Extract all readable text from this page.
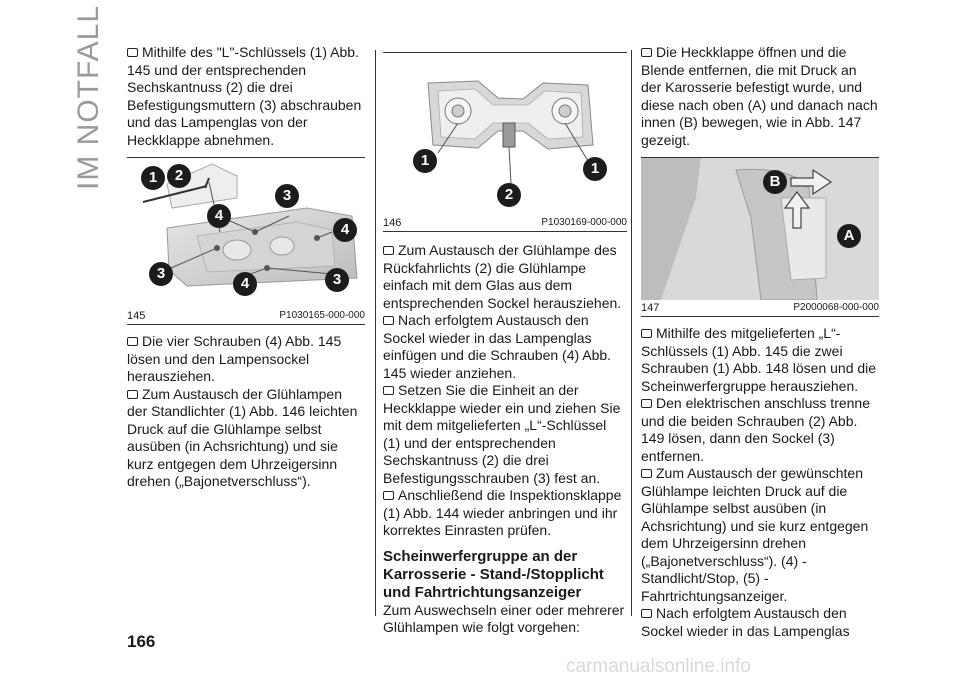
IM NOTFALL	Mithilfe des "L"-Schlüssels (1) Abb. 145 und der entsprechenden Sechskantnuss (2) die drei Befestigungsmuttern (3) abschrauben und das Lampenglas von der Heckklappe abnehmen.

1	2
3
4
4
3
4	3
145	P1030165-000-000

Die vier Schrauben (4) Abb. 145 lösen und den Lampensockel herausziehen.

Zum Austausch der Glühlampen der Standlichter (1) Abb. 146 leichten Druck auf die Glühlampe selbst ausüben (in Achsrichtung) und sie kurz entgegen dem Uhrzeigersinn drehen („Bajonetverschluss“).

1
2
1
146	P1030169-000-000

Zum Austausch der Glühlampe des Rückfahrlichts (2) die Glühlampe einfach mit dem Glas aus dem entsprechenden Sockel herausziehen.

Nach erfolgtem Austausch den Sockel wieder in das Lampenglas einfügen und die Schrauben (4) Abb. 145 wieder anziehen.

Setzen Sie die Einheit an der Heckklappe wieder ein und ziehen Sie mit dem mitgelieferten „L“-Schlüssel (1) und der entsprechenden Sechskantnuss (2) die drei Befestigungsschrauben (3) fest an.

Anschließend die Inspektionsklappe (1) Abb. 144 wieder anbringen und ihr korrektes Einrasten prüfen.

Scheinwerfergruppe an der Karrosserie - Stand-/Stopplicht und Fahrtrichtungsanzeiger

Zum Auswechseln einer oder mehrerer Glühlampen wie folgt vorgehen:

Die Heckklappe öffnen und die Blende entfernen, die mit Druck an der Karosserie befestigt wurde, und diese nach oben (A) und danach nach innen (B) bewegen, wie in Abb. 147 gezeigt.

B
A
147	P2000068-000-000

Mithilfe des mitgelieferten „L“-Schlüssels (1) Abb. 145 die zwei Schrauben (1) Abb. 148 lösen und die Scheinwerfergruppe herausziehen.

Den elektrischen anschluss trenne und die beiden Schrauben (2) Abb. 149 lösen, dann den Sockel (3) entfernen.

Zum Austausch der gewünschten Glühlampe leichten Druck auf die Glühlampe selbst ausüben (in Achsrichtung) und sie kurz entgegen dem Uhrzeigersinn drehen („Bajonetverschluss“). (4) - Standlicht/Stop, (5) - Fahrtrichtungsanzeiger.

Nach erfolgtem Austausch den Sockel wieder in das Lampenglas

166
carmanualsonline.info
